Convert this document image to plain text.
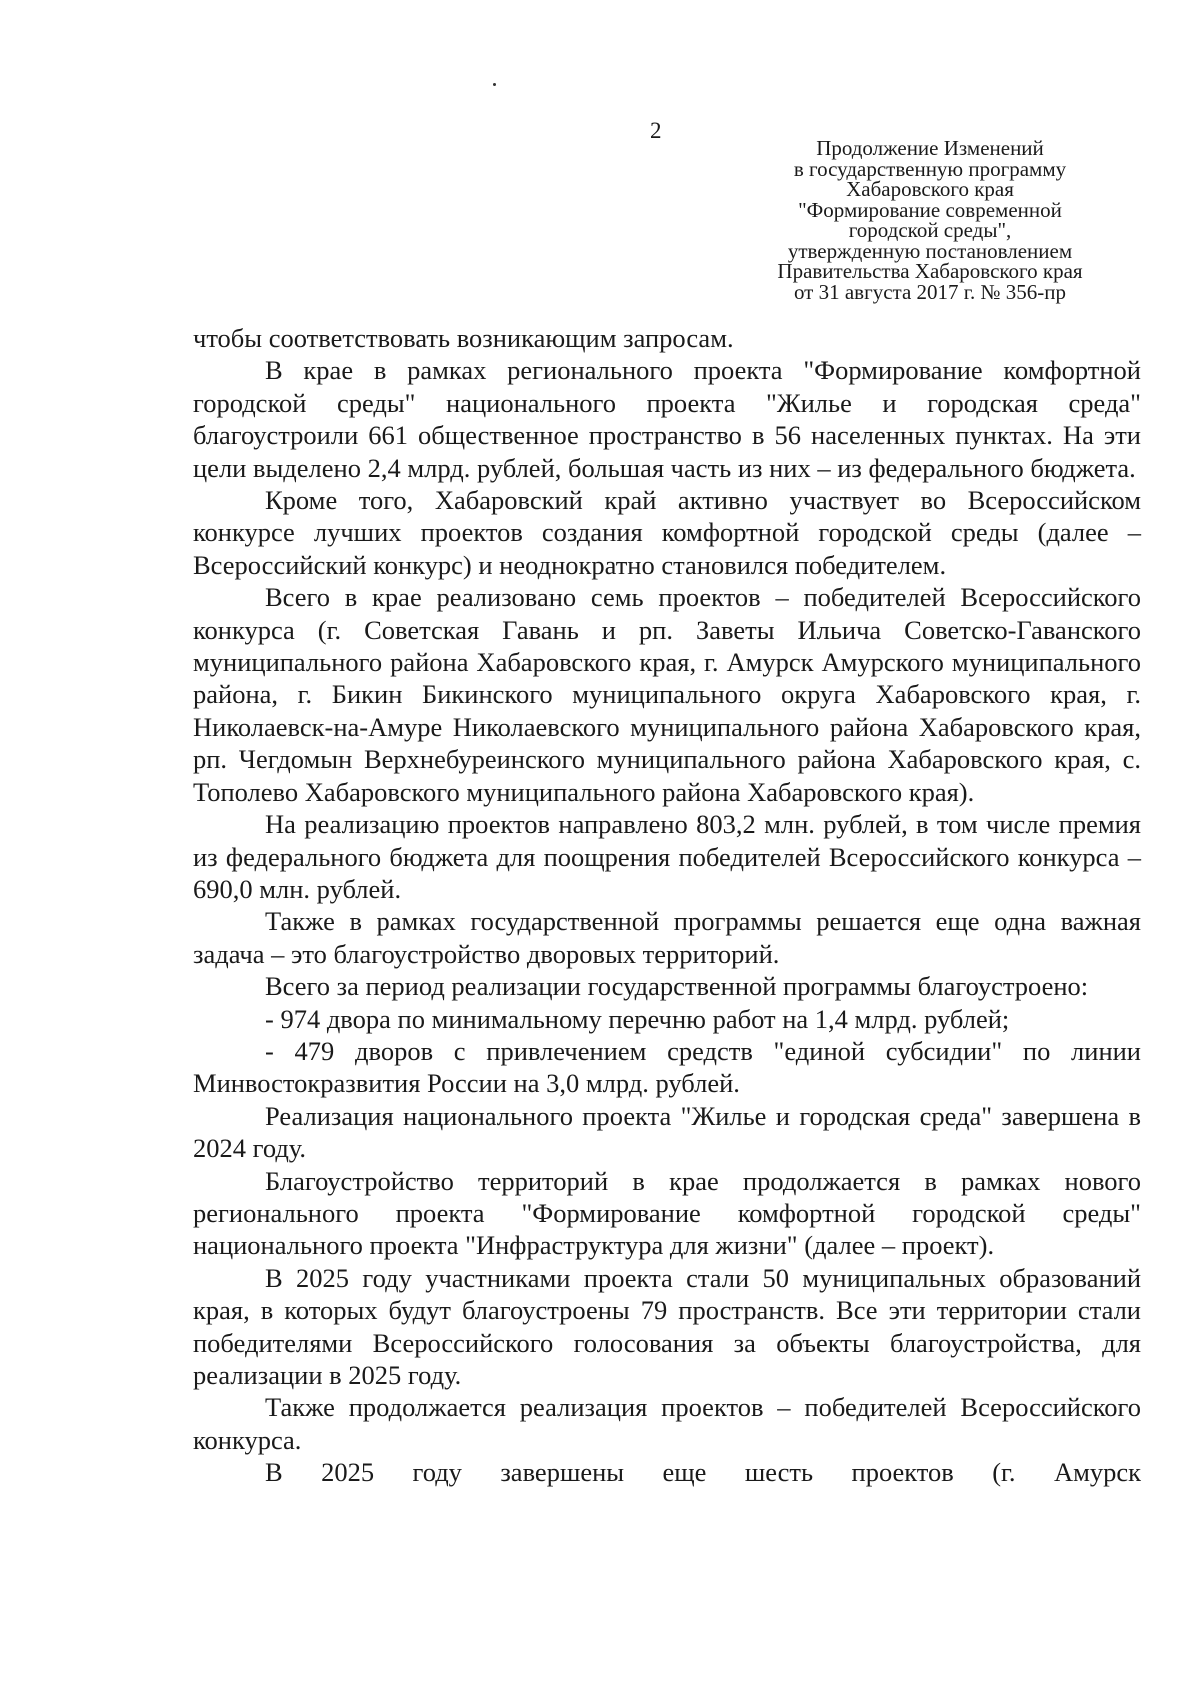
2
Продолжение Изменений
в государственную программу
Хабаровского края
"Формирование современной
городской среды",
утвержденную постановлением
Правительства Хабаровского края
от 31 августа 2017 г. № 356-пр

чтобы соответствовать возникающим запросам.

В крае в рамках регионального проекта "Формирование комфортной городской среды" национального проекта "Жилье и городская среда" благоустроили 661 общественное пространство в 56 населенных пунктах. На эти цели выделено 2,4 млрд. рублей, большая часть из них – из федерального бюджета.

Кроме того, Хабаровский край активно участвует во Всероссийском конкурсе лучших проектов создания комфортной городской среды (далее – Всероссийский конкурс) и неоднократно становился победителем.

Всего в крае реализовано семь проектов – победителей Всероссийского конкурса (г. Советская Гавань и рп. Заветы Ильича Советско-Гаванского муниципального района Хабаровского края, г. Амурск Амурского муниципального района, г. Бикин Бикинского муниципального округа Хабаровского края, г. Николаевск-на-Амуре Николаевского муниципального района Хабаровского края, рп. Чегдомын Верхнебуреинского муниципального района Хабаровского края, с. Тополево Хабаровского муниципального района Хабаровского края).

На реализацию проектов направлено 803,2 млн. рублей, в том числе премия из федерального бюджета для поощрения победителей Всероссийского конкурса – 690,0 млн. рублей.

Также в рамках государственной программы решается еще одна важная задача – это благоустройство дворовых территорий.

Всего за период реализации государственной программы благоустроено:

- 974 двора по минимальному перечню работ на 1,4 млрд. рублей;

- 479 дворов с привлечением средств "единой субсидии" по линии Минвостокразвития России на 3,0 млрд. рублей.

Реализация национального проекта "Жилье и городская среда" завершена в 2024 году.

Благоустройство территорий в крае продолжается в рамках нового регионального проекта "Формирование комфортной городской среды" национального проекта "Инфраструктура для жизни" (далее – проект).

В 2025 году участниками проекта стали 50 муниципальных образований края, в которых будут благоустроены 79 пространств. Все эти территории стали победителями Всероссийского голосования за объекты благоустройства, для реализации в 2025 году.

Также продолжается реализация проектов – победителей Всероссийского конкурса.

В 2025 году завершены еще шесть проектов (г. Амурск
